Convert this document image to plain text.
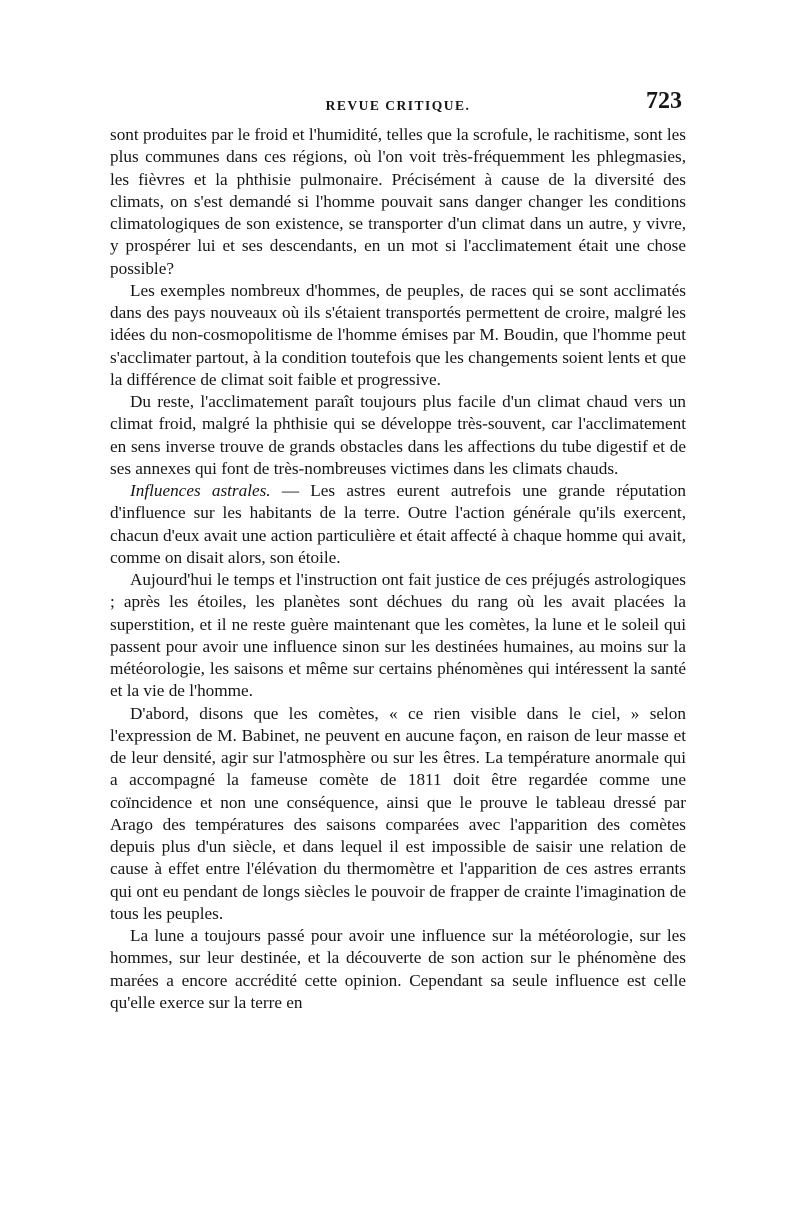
REVUE CRITIQUE.	723

sont produites par le froid et l'humidité, telles que la scrofule, le rachitisme, sont les plus communes dans ces régions, où l'on voit très-fréquemment les phlegmasies, les fièvres et la phthisie pulmonaire. Précisément à cause de la diversité des climats, on s'est demandé si l'homme pouvait sans danger changer les conditions climatologiques de son existence, se transporter d'un climat dans un autre, y vivre, y prospérer lui et ses descendants, en un mot si l'acclimatement était une chose possible?

Les exemples nombreux d'hommes, de peuples, de races qui se sont acclimatés dans des pays nouveaux où ils s'étaient transportés permettent de croire, malgré les idées du non-cosmopolitisme de l'homme émises par M. Boudin, que l'homme peut s'acclimater partout, à la condition toutefois que les changements soient lents et que la différence de climat soit faible et progressive.

Du reste, l'acclimatement paraît toujours plus facile d'un climat chaud vers un climat froid, malgré la phthisie qui se développe très-souvent, car l'acclimatement en sens inverse trouve de grands obstacles dans les affections du tube digestif et de ses annexes qui font de très-nombreuses victimes dans les climats chauds.

Influences astrales. — Les astres eurent autrefois une grande réputation d'influence sur les habitants de la terre. Outre l'action générale qu'ils exercent, chacun d'eux avait une action particulière et était affecté à chaque homme qui avait, comme on disait alors, son étoile.

Aujourd'hui le temps et l'instruction ont fait justice de ces préjugés astrologiques ; après les étoiles, les planètes sont déchues du rang où les avait placées la superstition, et il ne reste guère maintenant que les comètes, la lune et le soleil qui passent pour avoir une influence sinon sur les destinées humaines, au moins sur la météorologie, les saisons et même sur certains phénomènes qui intéressent la santé et la vie de l'homme.

D'abord, disons que les comètes, « ce rien visible dans le ciel, » selon l'expression de M. Babinet, ne peuvent en aucune façon, en raison de leur masse et de leur densité, agir sur l'atmosphère ou sur les êtres. La température anormale qui a accompagné la fameuse comète de 1811 doit être regardée comme une coïncidence et non une conséquence, ainsi que le prouve le tableau dressé par Arago des températures des saisons comparées avec l'apparition des comètes depuis plus d'un siècle, et dans lequel il est impossible de saisir une relation de cause à effet entre l'élévation du thermomètre et l'apparition de ces astres errants qui ont eu pendant de longs siècles le pouvoir de frapper de crainte l'imagination de tous les peuples.

La lune a toujours passé pour avoir une influence sur la météorologie, sur les hommes, sur leur destinée, et la découverte de son action sur le phénomène des marées a encore accrédité cette opinion. Cependant sa seule influence est celle qu'elle exerce sur la terre en
